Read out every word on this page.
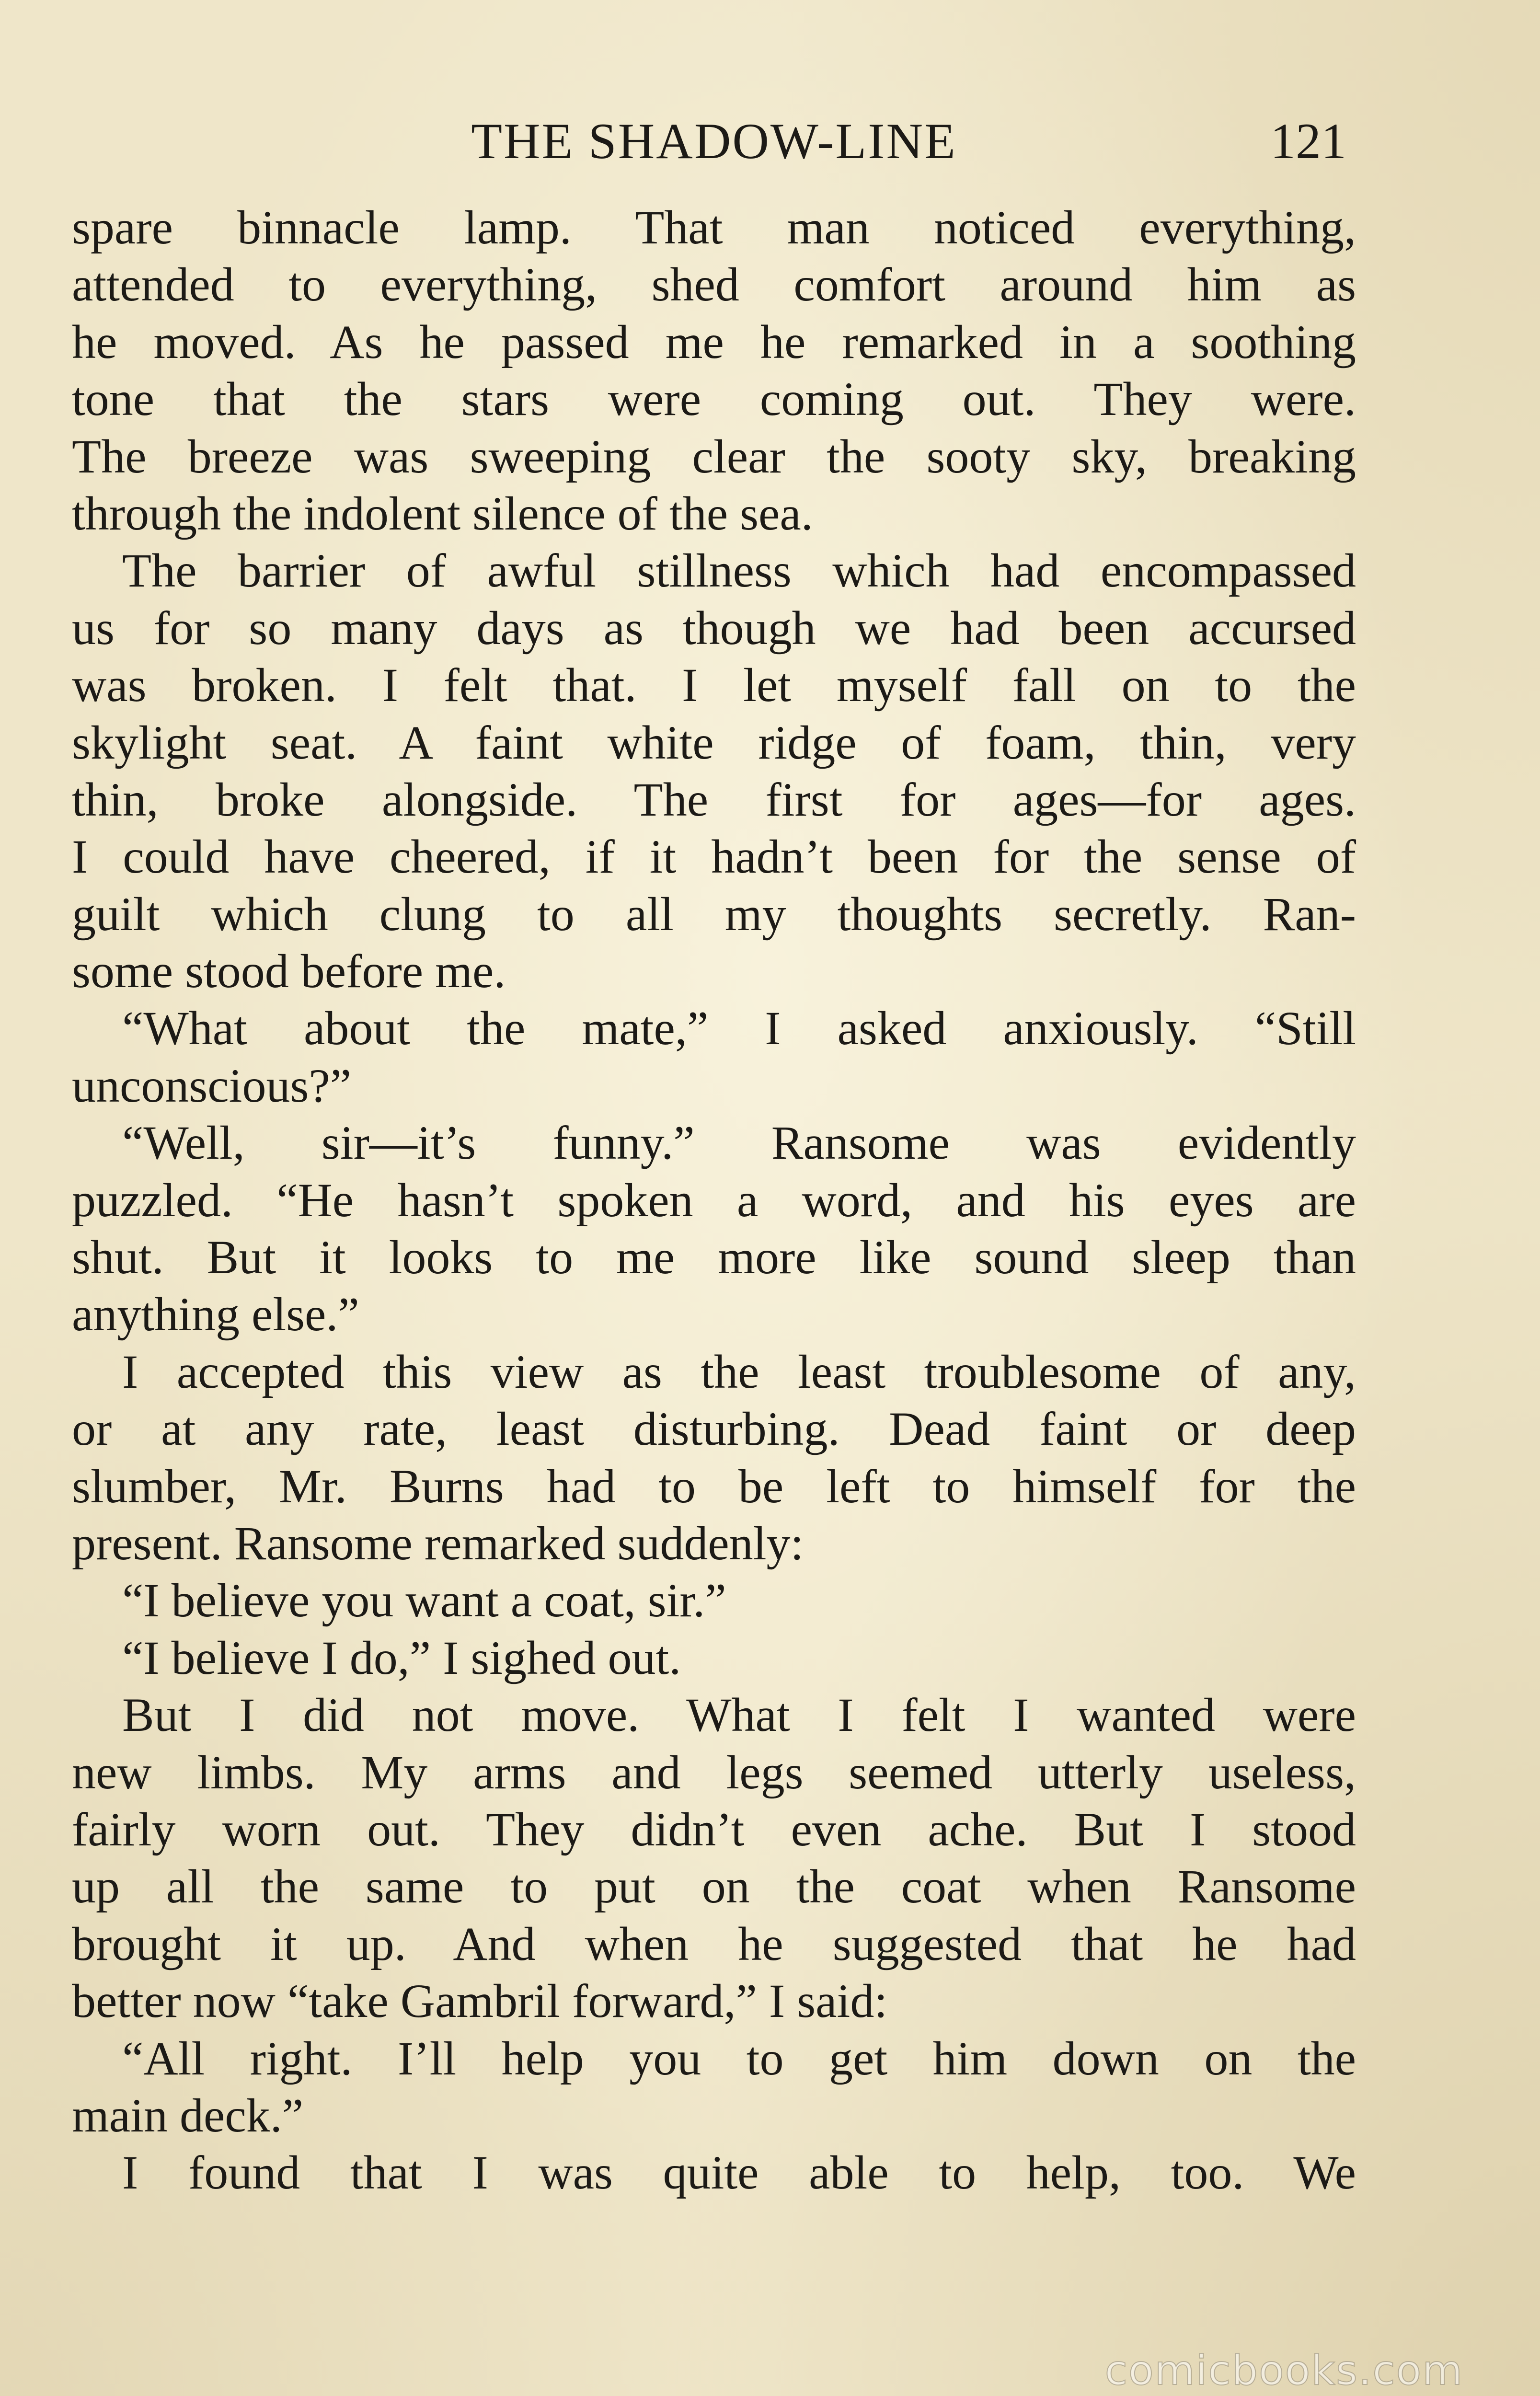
THE SHADOW-LINE	121
spare binnacle lamp. That man noticed everything,
attended to everything, shed comfort around him as
he moved. As he passed me he remarked in a soothing
tone that the stars were coming out. They were.
The breeze was sweeping clear the sooty sky, breaking
through the indolent silence of the sea.
The barrier of awful stillness which had encompassed
us for so many days as though we had been accursed
was broken. I felt that. I let myself fall on to the
skylight seat. A faint white ridge of foam, thin, very
thin, broke alongside. The first for ages—for ages.
I could have cheered, if it hadn’t been for the sense of
guilt which clung to all my thoughts secretly. Ran-
some stood before me.
“What about the mate,” I asked anxiously. “Still
unconscious?”
“Well, sir—it’s funny.” Ransome was evidently
puzzled. “He hasn’t spoken a word, and his eyes are
shut. But it looks to me more like sound sleep than
anything else.”
I accepted this view as the least troublesome of any,
or at any rate, least disturbing. Dead faint or deep
slumber, Mr. Burns had to be left to himself for the
present. Ransome remarked suddenly:
“I believe you want a coat, sir.”
“I believe I do,” I sighed out.
But I did not move. What I felt I wanted were
new limbs. My arms and legs seemed utterly useless,
fairly worn out. They didn’t even ache. But I stood
up all the same to put on the coat when Ransome
brought it up. And when he suggested that he had
better now “take Gambril forward,” I said:
“All right. I’ll help you to get him down on the
main deck.”
I found that I was quite able to help, too. We
comicbooks.com
